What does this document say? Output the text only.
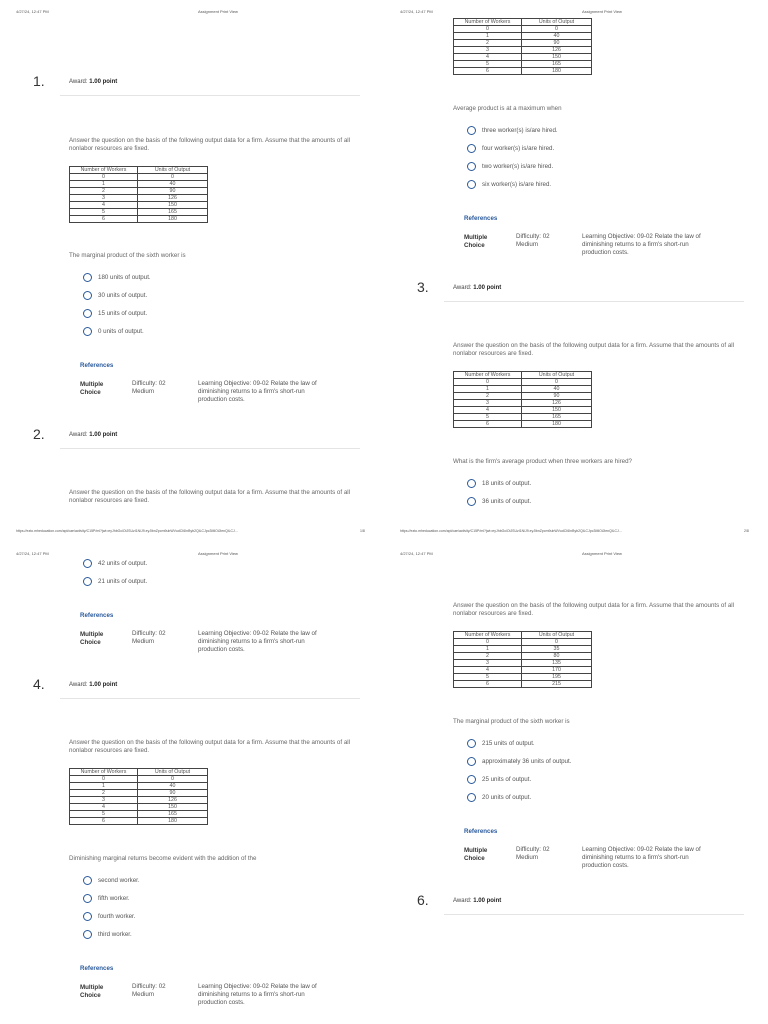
4/27/24, 12:47 PM	Assignment Print View
1.	Award: 1.00 point
Answer the question on the basis of the following output data for a firm. Assume that the amounts of all nonlabor resources are fixed.
Number of Workers	Units of Output
0	0
1	40
2	90
3	126
4	150
5	165
6	180
The marginal product of the sixth worker is
180 units of output.
30 units of output.
15 units of output.
0 units of output.
References
Multiple
Choice
Difficulty: 02
Medium
Learning Objective: 09-02 Relate the law of diminishing returns to a firm's short-run production costs.
2.	Award: 1.00 point
Answer the question on the basis of the following output data for a firm. Assume that the amounts of all nonlabor resources are fixed.
https://ezto.mheducation.com/api/cae/activity/C15P/ml?jwt=eyJhbGciOiJSUzI1NiJ9.eyJlbnZpcm9ubWVudCI6InByb2QiLCJpc3MiOiJlenQiLCJ...	1/8
4/27/24, 12:47 PM	Assignment Print View
Number of Workers	Units of Output
0	0
1	40
2	90
3	126
4	150
5	165
6	180
Average product is at a maximum when
three worker(s) is/are hired.
four worker(s) is/are hired.
two worker(s) is/are hired.
six worker(s) is/are hired.
References
Multiple
Choice
Difficulty: 02
Medium
Learning Objective: 09-02 Relate the law of diminishing returns to a firm's short-run production costs.
3.	Award: 1.00 point
Answer the question on the basis of the following output data for a firm. Assume that the amounts of all nonlabor resources are fixed.
Number of Workers	Units of Output
0	0
1	40
2	90
3	126
4	150
5	165
6	180
What is the firm's average product when three workers are hired?
18 units of output.
36 units of output.
https://ezto.mheducation.com/api/cae/activity/C15P/ml?jwt=eyJhbGciOiJSUzI1NiJ9.eyJlbnZpcm9ubWVudCI6InByb2QiLCJpc3MiOiJlenQiLCJ...	2/8
4/27/24, 12:47 PM	Assignment Print View
42 units of output.
21 units of output.
References
Multiple
Choice
Difficulty: 02
Medium
Learning Objective: 09-02 Relate the law of diminishing returns to a firm's short-run production costs.
4.	Award: 1.00 point
Answer the question on the basis of the following output data for a firm. Assume that the amounts of all nonlabor resources are fixed.
Number of Workers	Units of Output
0	0
1	40
2	90
3	126
4	150
5	165
6	180
Diminishing marginal returns become evident with the addition of the
second worker.
fifth worker.
fourth worker.
third worker.
References
Multiple
Choice
Difficulty: 02
Medium
Learning Objective: 09-02 Relate the law of diminishing returns to a firm's short-run production costs.
4/27/24, 12:47 PM	Assignment Print View
Answer the question on the basis of the following output data for a firm. Assume that the amounts of all nonlabor resources are fixed.
Number of Workers	Units of Output
0	0
1	35
2	80
3	135
4	170
5	195
6	215
The marginal product of the sixth worker is
215 units of output.
approximately 36 units of output.
25 units of output.
20 units of output.
References
Multiple
Choice
Difficulty: 02
Medium
Learning Objective: 09-02 Relate the law of diminishing returns to a firm's short-run production costs.
6.	Award: 1.00 point
